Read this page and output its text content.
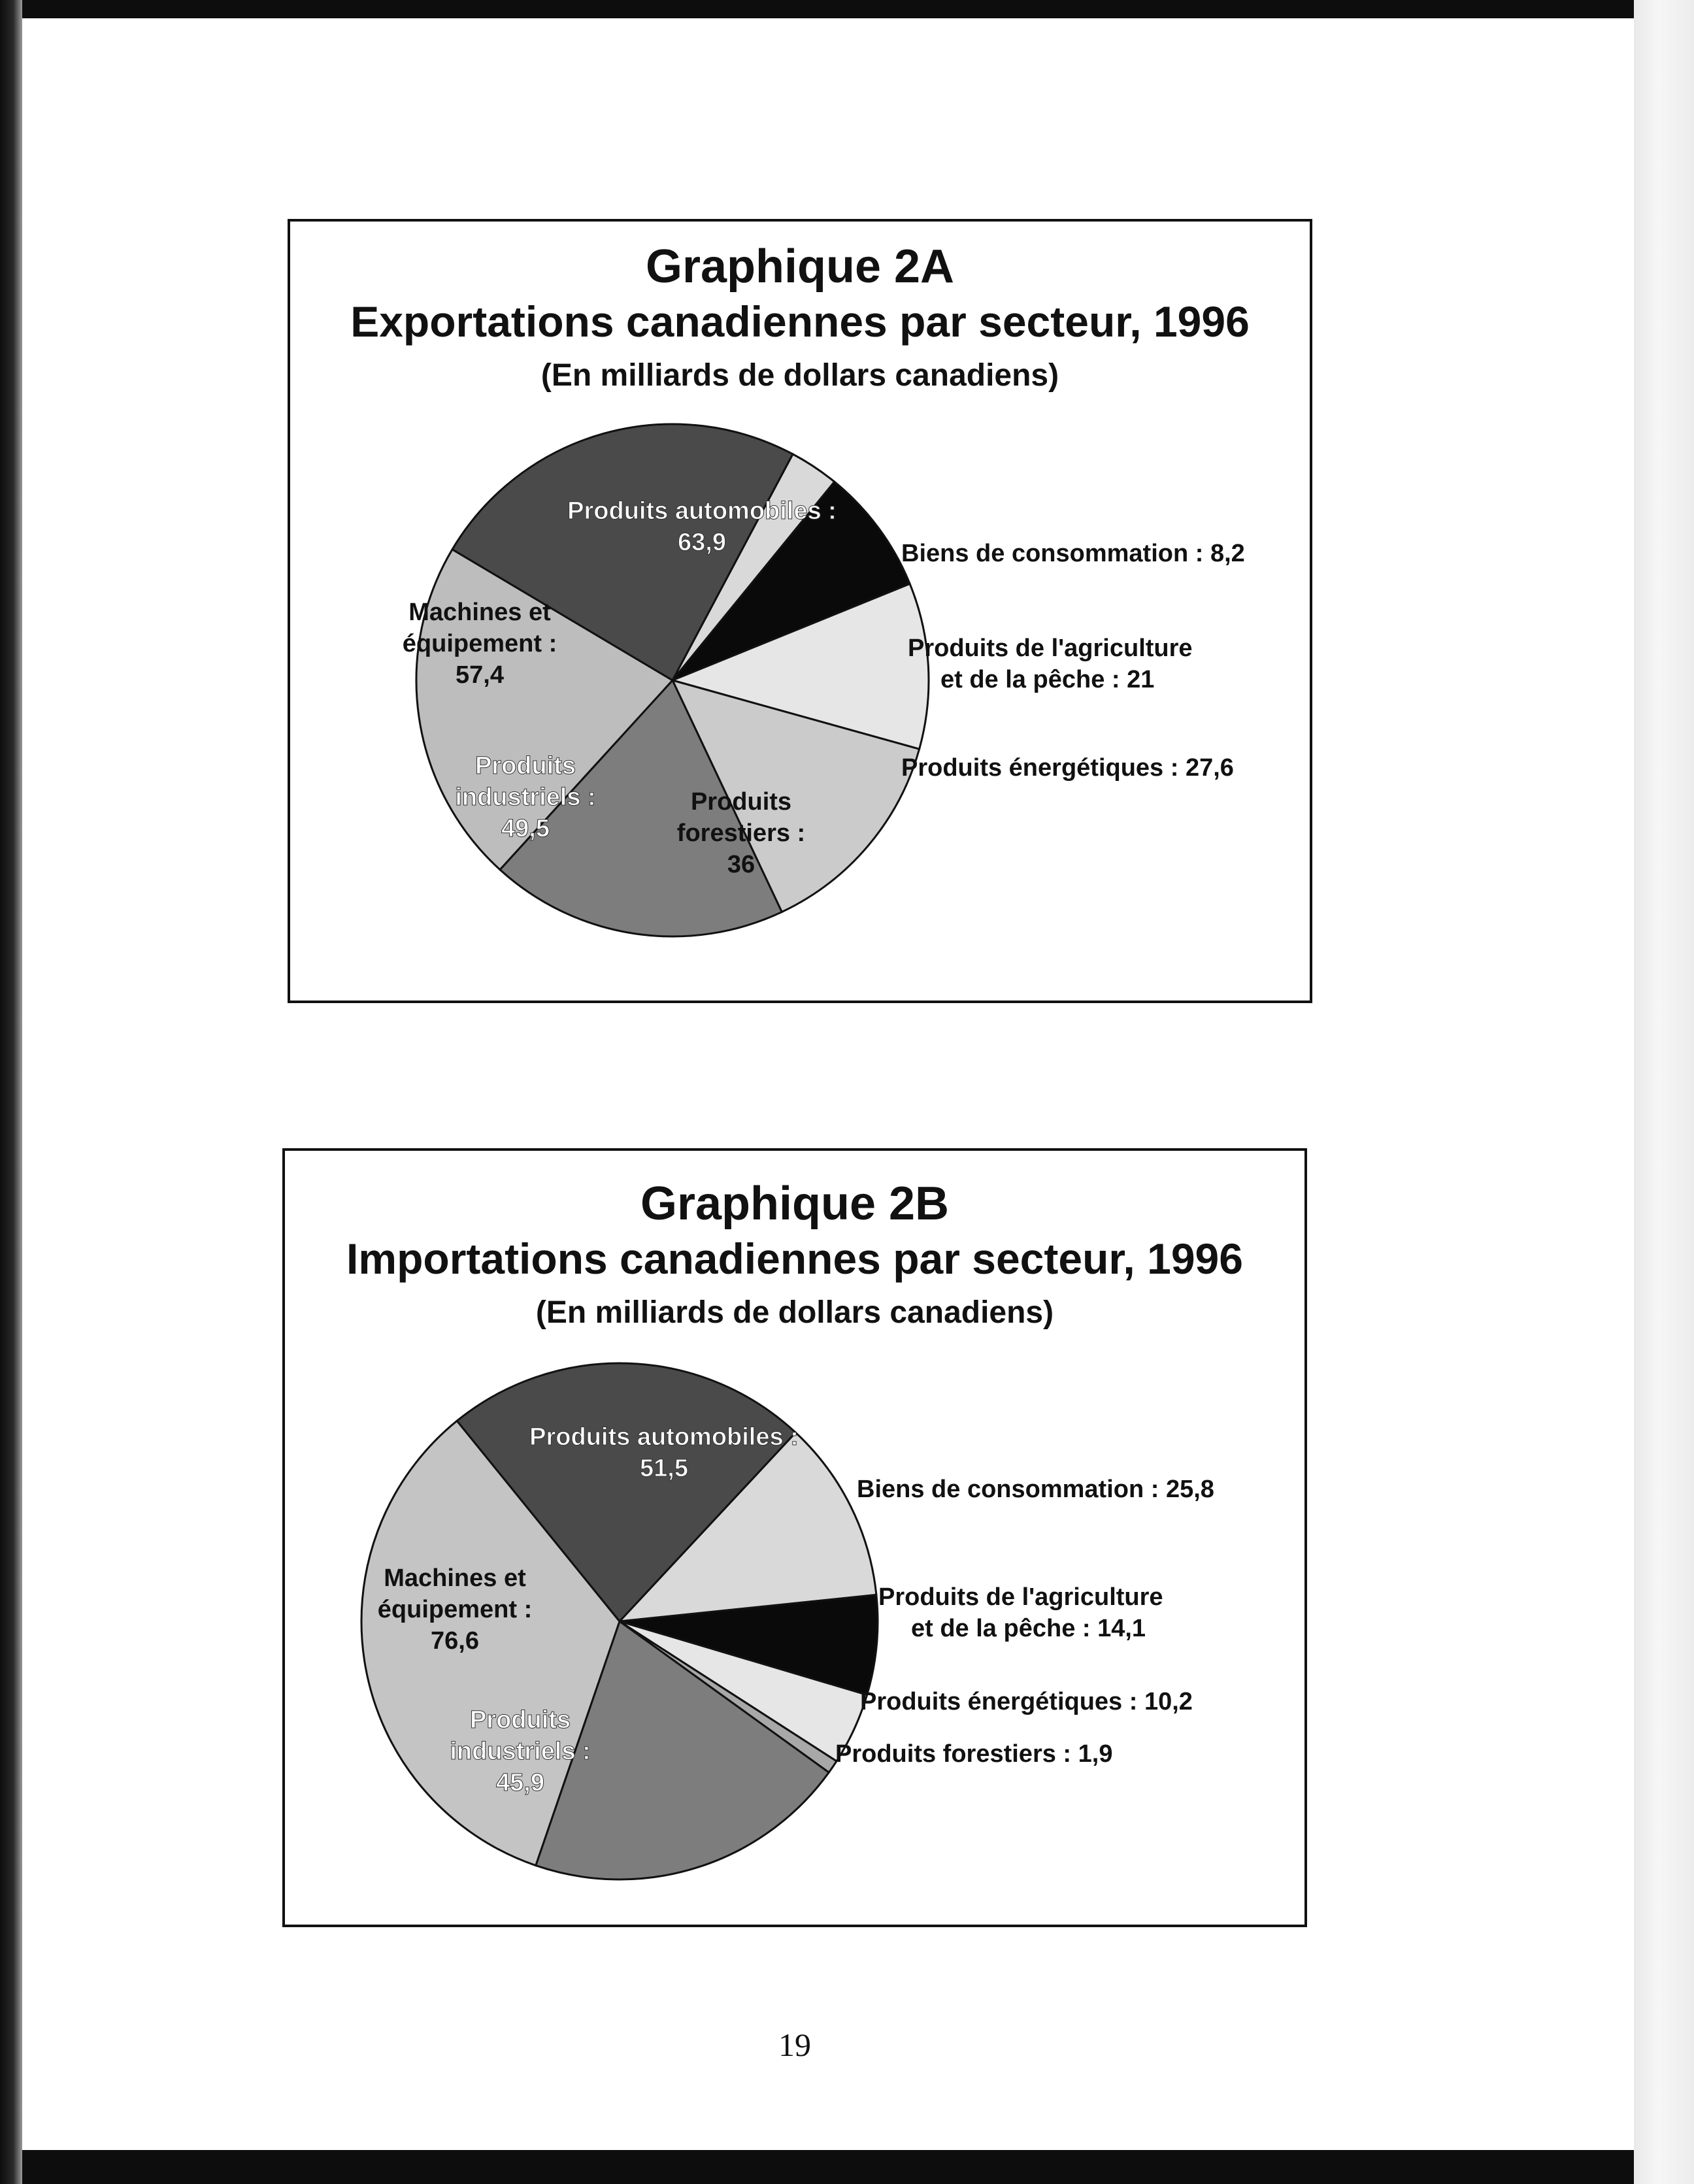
Graphique 2A
Exportations canadiennes par secteur, 1996
(En milliards de dollars canadiens)
Biens de consommation : 8,2
Produits de l'agriculture et de la pêche : 21
Produits énergétiques : 27,6
Produits forestiers : 36
Produits industriels : 49,5
Machines et équipement : 57,4
Produits automobiles : 63,9
Graphique 2B
Importations canadiennes par secteur, 1996
(En milliards de dollars canadiens)
Biens de consommation : 25,8
Produits de l'agriculture et de la pêche : 14,1
Produits énergétiques : 10,2
Produits forestiers : 1,9
Produits industriels : 45,9
Machines et équipement : 76,6
Produits automobiles : 51,5
19
